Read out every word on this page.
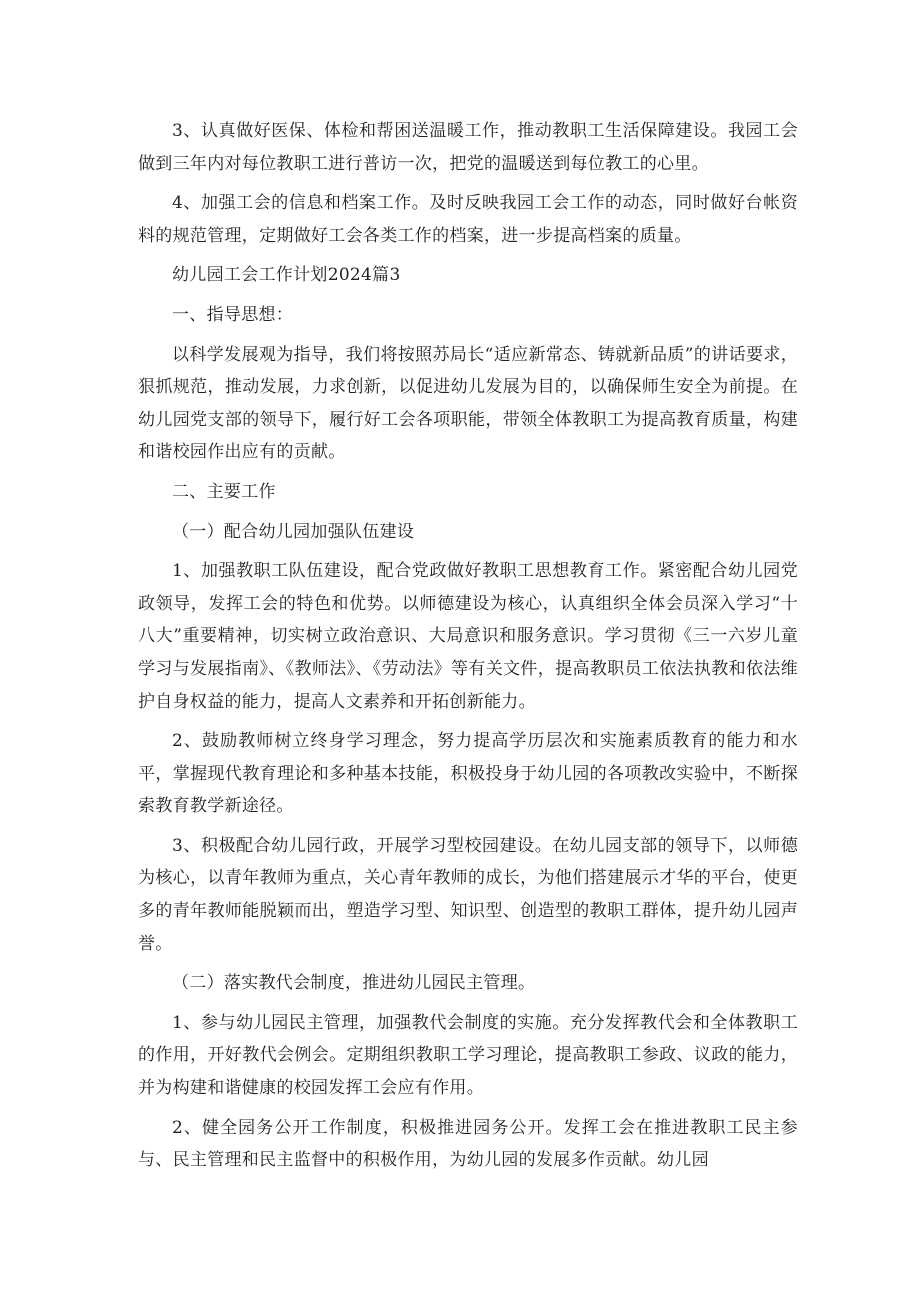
3、认真做好医保、体检和帮困送温暖工作，推动教职工生活保障建设。我园工会做到三年内对每位教职工进行普访一次，把党的温暖送到每位教工的心里。

4、加强工会的信息和档案工作。及时反映我园工会工作的动态，同时做好台帐资料的规范管理，定期做好工会各类工作的档案，进一步提高档案的质量。

幼儿园工会工作计划2024篇3

一、指导思想：

以科学发展观为指导，我们将按照苏局长“适应新常态、铸就新品质”的讲话要求，狠抓规范，推动发展，力求创新，以促进幼儿发展为目的，以确保师生安全为前提。在幼儿园党支部的领导下，履行好工会各项职能，带领全体教职工为提高教育质量，构建和谐校园作出应有的贡献。

二、主要工作

（一）配合幼儿园加强队伍建设

1、加强教职工队伍建设，配合党政做好教职工思想教育工作。紧密配合幼儿园党政领导，发挥工会的特色和优势。以师德建设为核心，认真组织全体会员深入学习“十八大”重要精神，切实树立政治意识、大局意识和服务意识。学习贯彻《三一六岁儿童学习与发展指南》、《教师法》、《劳动法》等有关文件，提高教职员工依法执教和依法维护自身权益的能力，提高人文素养和开拓创新能力。

2、鼓励教师树立终身学习理念，努力提高学历层次和实施素质教育的能力和水平，掌握现代教育理论和多种基本技能，积极投身于幼儿园的各项教改实验中，不断探索教育教学新途径。

3、积极配合幼儿园行政，开展学习型校园建设。在幼儿园支部的领导下，以师德为核心，以青年教师为重点，关心青年教师的成长，为他们搭建展示才华的平台，使更多的青年教师能脱颖而出，塑造学习型、知识型、创造型的教职工群体，提升幼儿园声誉。

（二）落实教代会制度，推进幼儿园民主管理。

1、参与幼儿园民主管理，加强教代会制度的实施。充分发挥教代会和全体教职工的作用，开好教代会例会。定期组织教职工学习理论，提高教职工参政、议政的能力，并为构建和谐健康的校园发挥工会应有作用。

2、健全园务公开工作制度，积极推进园务公开。发挥工会在推进教职工民主参与、民主管理和民主监督中的积极作用，为幼儿园的发展多作贡献。幼儿园
